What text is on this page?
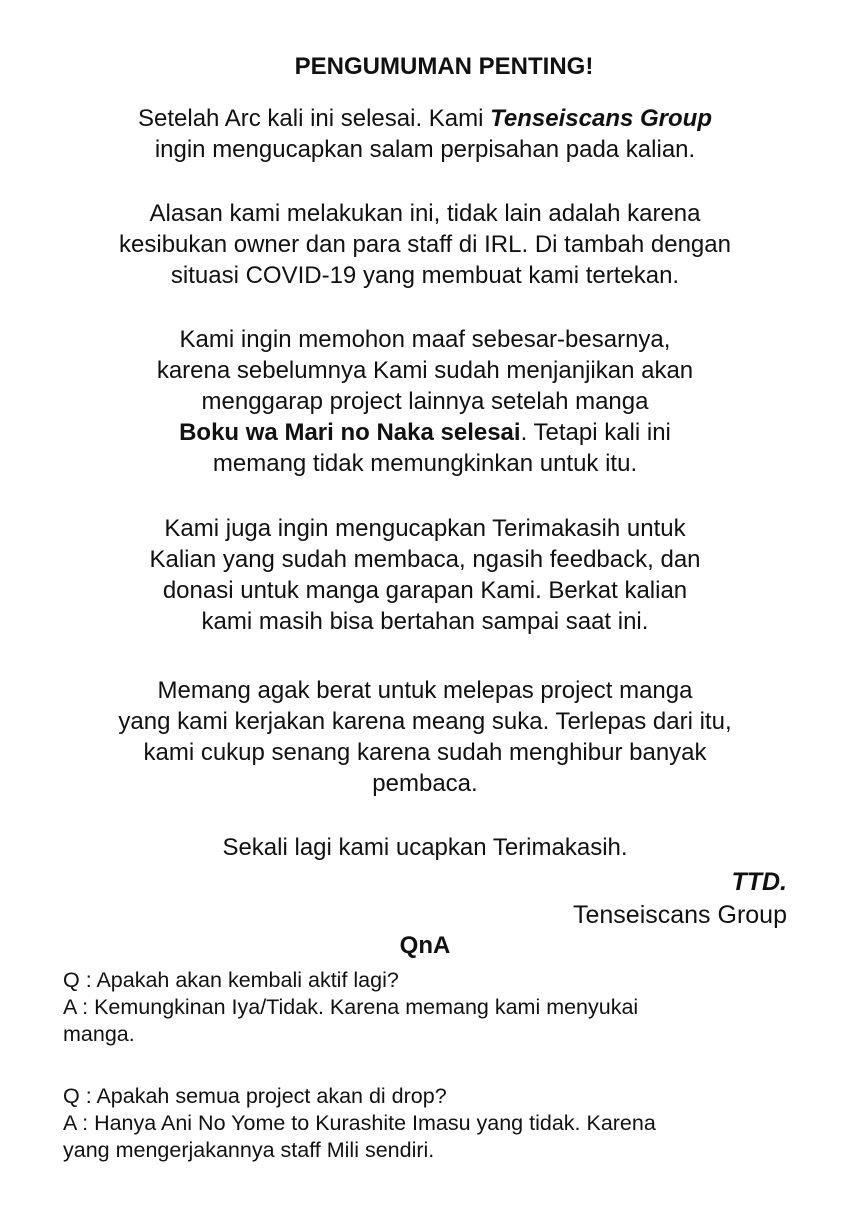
PENGUMUMAN PENTING!

Setelah Arc kali ini selesai. Kami Tenseiscans Group
ingin mengucapkan salam perpisahan pada kalian.

Alasan kami melakukan ini, tidak lain adalah karena
kesibukan owner dan para staff di IRL. Di tambah dengan
situasi COVID-19 yang membuat kami tertekan.

Kami ingin memohon maaf sebesar-besarnya,
karena sebelumnya Kami sudah menjanjikan akan
menggarap project lainnya setelah manga
Boku wa Mari no Naka selesai. Tetapi kali ini
memang tidak memungkinkan untuk itu.

Kami juga ingin mengucapkan Terimakasih untuk
Kalian yang sudah membaca, ngasih feedback, dan
donasi untuk manga garapan Kami. Berkat kalian
kami masih bisa bertahan sampai saat ini.

Memang agak berat untuk melepas project manga
yang kami kerjakan karena meang suka. Terlepas dari itu,
kami cukup senang karena sudah menghibur banyak
pembaca.

Sekali lagi kami ucapkan Terimakasih.

TTD.
Tenseiscans Group
QnA
Q : Apakah akan kembali aktif lagi?
A : Kemungkinan Iya/Tidak. Karena memang kami menyukai
manga.
Q : Apakah semua project akan di drop?
A : Hanya Ani No Yome to Kurashite Imasu yang tidak. Karena
yang mengerjakannya staff Mili sendiri.
